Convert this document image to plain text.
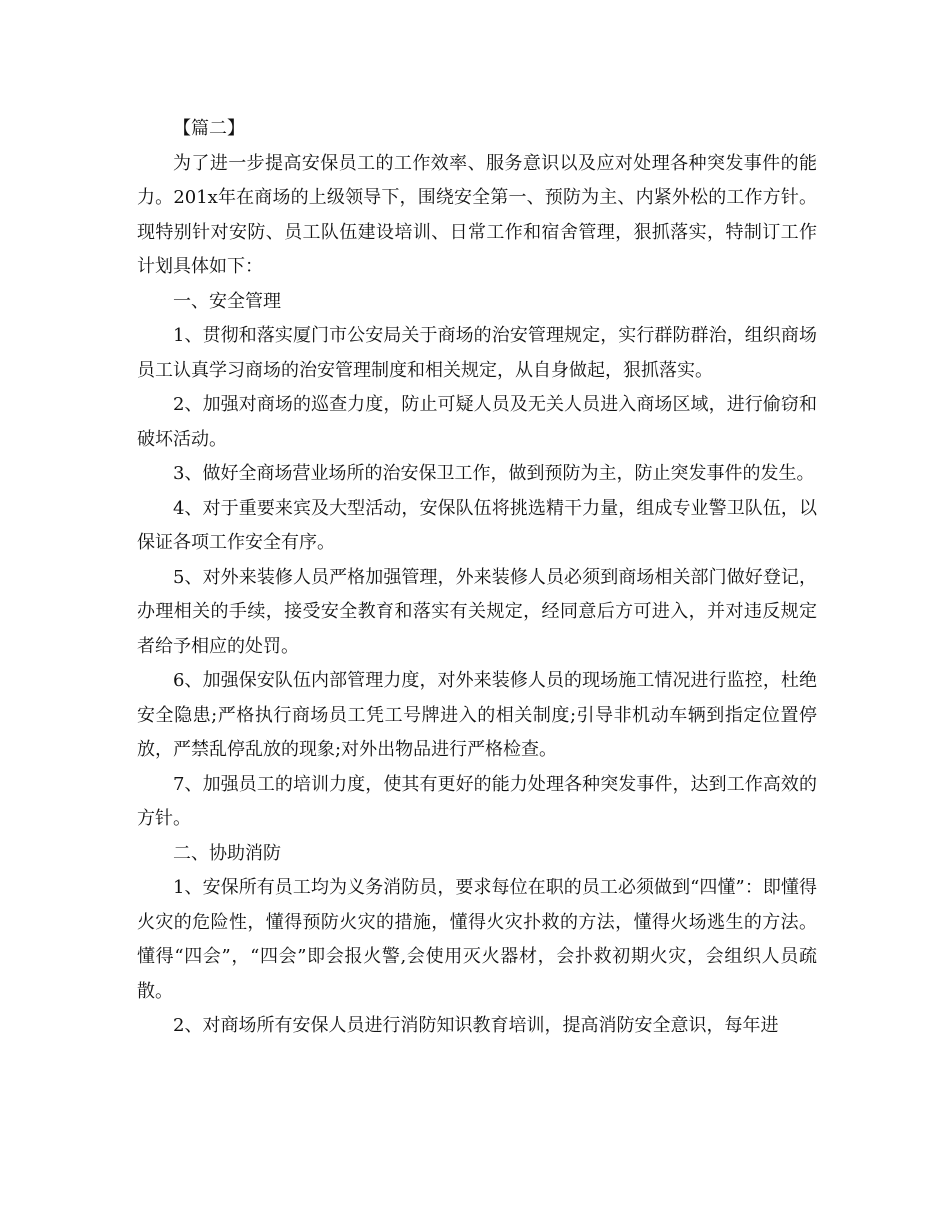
【篇二】

为了进一步提高安保员工的工作效率、服务意识以及应对处理各种突发事件的能力。201x年在商场的上级领导下，围绕安全第一、预防为主、内紧外松的工作方针。现特别针对安防、员工队伍建设培训、日常工作和宿舍管理，狠抓落实，特制订工作计划具体如下：

一、安全管理

1、贯彻和落实厦门市公安局关于商场的治安管理规定，实行群防群治，组织商场员工认真学习商场的治安管理制度和相关规定，从自身做起，狠抓落实。

2、加强对商场的巡查力度，防止可疑人员及无关人员进入商场区域，进行偷窃和破坏活动。

3、做好全商场营业场所的治安保卫工作，做到预防为主，防止突发事件的发生。

4、对于重要来宾及大型活动，安保队伍将挑选精干力量，组成专业警卫队伍，以保证各项工作安全有序。

5、对外来装修人员严格加强管理，外来装修人员必须到商场相关部门做好登记，办理相关的手续，接受安全教育和落实有关规定，经同意后方可进入，并对违反规定者给予相应的处罚。

6、加强保安队伍内部管理力度，对外来装修人员的现场施工情况进行监控，杜绝安全隐患;严格执行商场员工凭工号牌进入的相关制度;引导非机动车辆到指定位置停放，严禁乱停乱放的现象;对外出物品进行严格检查。

7、加强员工的培训力度，使其有更好的能力处理各种突发事件，达到工作高效的方针。

二、协助消防

1、安保所有员工均为义务消防员，要求每位在职的员工必须做到“四懂”：即懂得火灾的危险性，懂得预防火灾的措施，懂得火灾扑救的方法，懂得火场逃生的方法。懂得“四会”，“四会”即会报火警,会使用灭火器材，会扑救初期火灾，会组织人员疏散。

2、对商场所有安保人员进行消防知识教育培训，提高消防安全意识，每年进
